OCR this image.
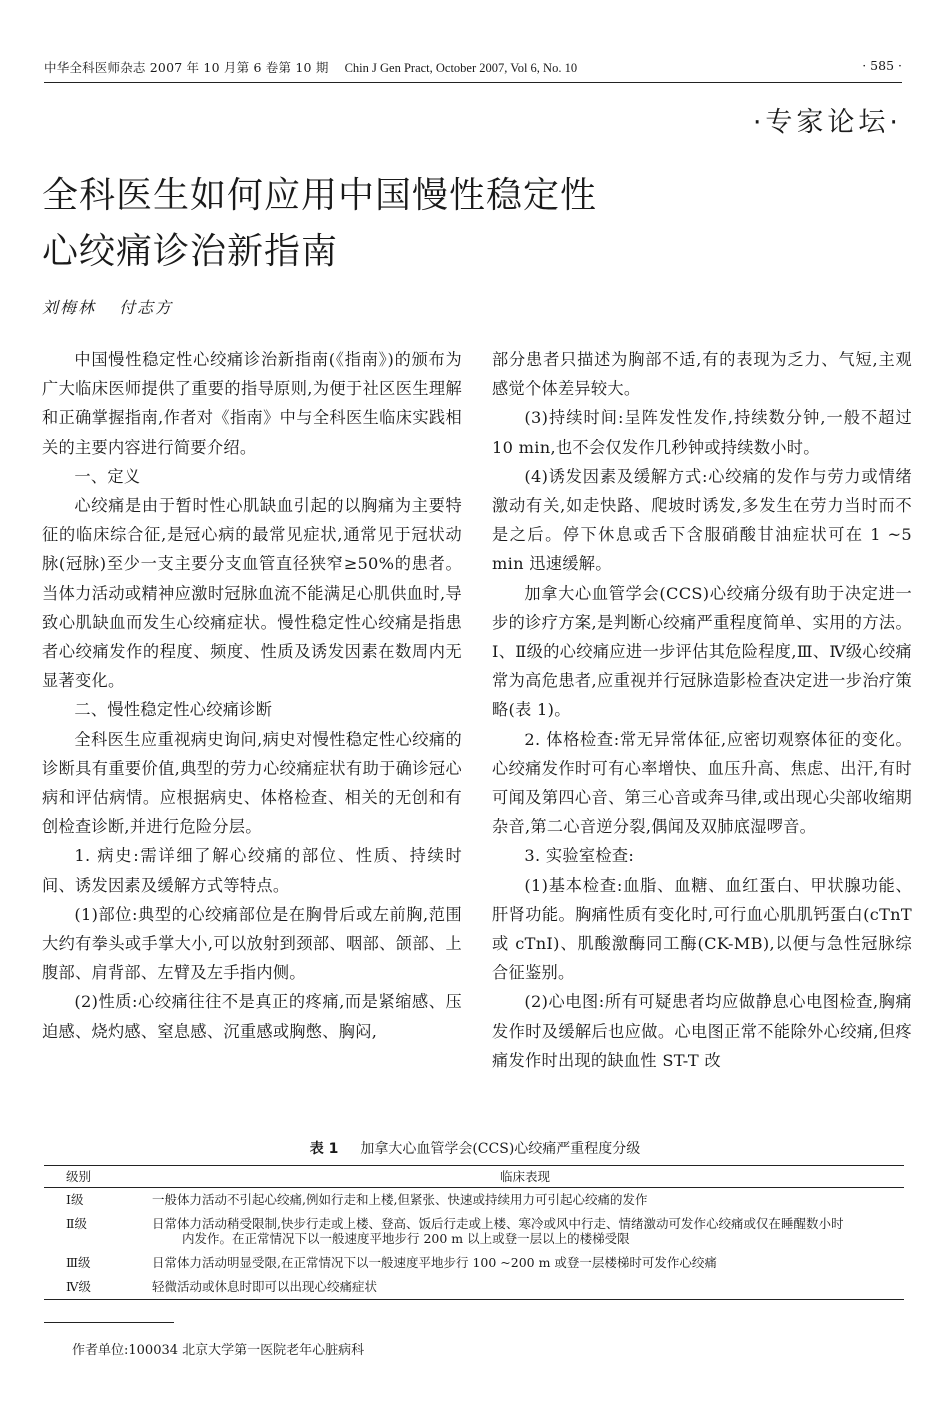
中华全科医师杂志 2007 年 10 月第 6 卷第 10 期 Chin J Gen Pract, October 2007, Vol 6, No. 10	· 585 ·
·专家论坛·
全科医生如何应用中国慢性稳定性
心绞痛诊治新指南
刘梅林 付志方

中国慢性稳定性心绞痛诊治新指南(《指南》)的颁布为广大临床医师提供了重要的指导原则,为便于社区医生理解和正确掌握指南,作者对《指南》中与全科医生临床实践相关的主要内容进行简要介绍。

一、定义

心绞痛是由于暂时性心肌缺血引起的以胸痛为主要特征的临床综合征,是冠心病的最常见症状,通常见于冠状动脉(冠脉)至少一支主要分支血管直径狭窄≥50%的患者。当体力活动或精神应激时冠脉血流不能满足心肌供血时,导致心肌缺血而发生心绞痛症状。慢性稳定性心绞痛是指患者心绞痛发作的程度、频度、性质及诱发因素在数周内无显著变化。

二、慢性稳定性心绞痛诊断

全科医生应重视病史询问,病史对慢性稳定性心绞痛的诊断具有重要价值,典型的劳力心绞痛症状有助于确诊冠心病和评估病情。应根据病史、体格检查、相关的无创和有创检查诊断,并进行危险分层。

1. 病史:需详细了解心绞痛的部位、性质、持续时间、诱发因素及缓解方式等特点。

(1)部位:典型的心绞痛部位是在胸骨后或左前胸,范围大约有拳头或手掌大小,可以放射到颈部、咽部、颌部、上腹部、肩背部、左臂及左手指内侧。

(2)性质:心绞痛往往不是真正的疼痛,而是紧缩感、压迫感、烧灼感、窒息感、沉重感或胸憋、胸闷,

部分患者只描述为胸部不适,有的表现为乏力、气短,主观感觉个体差异较大。

(3)持续时间:呈阵发性发作,持续数分钟,一般不超过 10 min,也不会仅发作几秒钟或持续数小时。

(4)诱发因素及缓解方式:心绞痛的发作与劳力或情绪激动有关,如走快路、爬坡时诱发,多发生在劳力当时而不是之后。停下休息或舌下含服硝酸甘油症状可在 1 ~5 min 迅速缓解。

加拿大心血管学会(CCS)心绞痛分级有助于决定进一步的诊疗方案,是判断心绞痛严重程度简单、实用的方法。Ⅰ、Ⅱ级的心绞痛应进一步评估其危险程度,Ⅲ、Ⅳ级心绞痛常为高危患者,应重视并行冠脉造影检查决定进一步治疗策略(表 1)。

2. 体格检查:常无异常体征,应密切观察体征的变化。心绞痛发作时可有心率增快、血压升高、焦虑、出汗,有时可闻及第四心音、第三心音或奔马律,或出现心尖部收缩期杂音,第二心音逆分裂,偶闻及双肺底湿啰音。

3. 实验室检查:

(1)基本检查:血脂、血糖、血红蛋白、甲状腺功能、肝肾功能。胸痛性质有变化时,可行血心肌肌钙蛋白(cTnT 或 cTnI)、肌酸激酶同工酶(CK-MB),以便与急性冠脉综合征鉴别。

(2)心电图:所有可疑患者均应做静息心电图检查,胸痛发作时及缓解后也应做。心电图正常不能除外心绞痛,但疼痛发作时出现的缺血性 ST-T 改

表 1 加拿大心血管学会(CCS)心绞痛严重程度分级
级别	临床表现
Ⅰ级	一般体力活动不引起心绞痛,例如行走和上楼,但紧张、快速或持续用力可引起心绞痛的发作
Ⅱ级	日常体力活动稍受限制,快步行走或上楼、登高、饭后行走或上楼、寒冷或风中行走、情绪激动可发作心绞痛或仅在睡醒数小时
内发作。在正常情况下以一般速度平地步行 200 m 以上或登一层以上的楼梯受限

Ⅲ级	日常体力活动明显受限,在正常情况下以一般速度平地步行 100 ~200 m 或登一层楼梯时可发作心绞痛
Ⅳ级	轻微活动或休息时即可以出现心绞痛症状
作者单位:100034 北京大学第一医院老年心脏病科
